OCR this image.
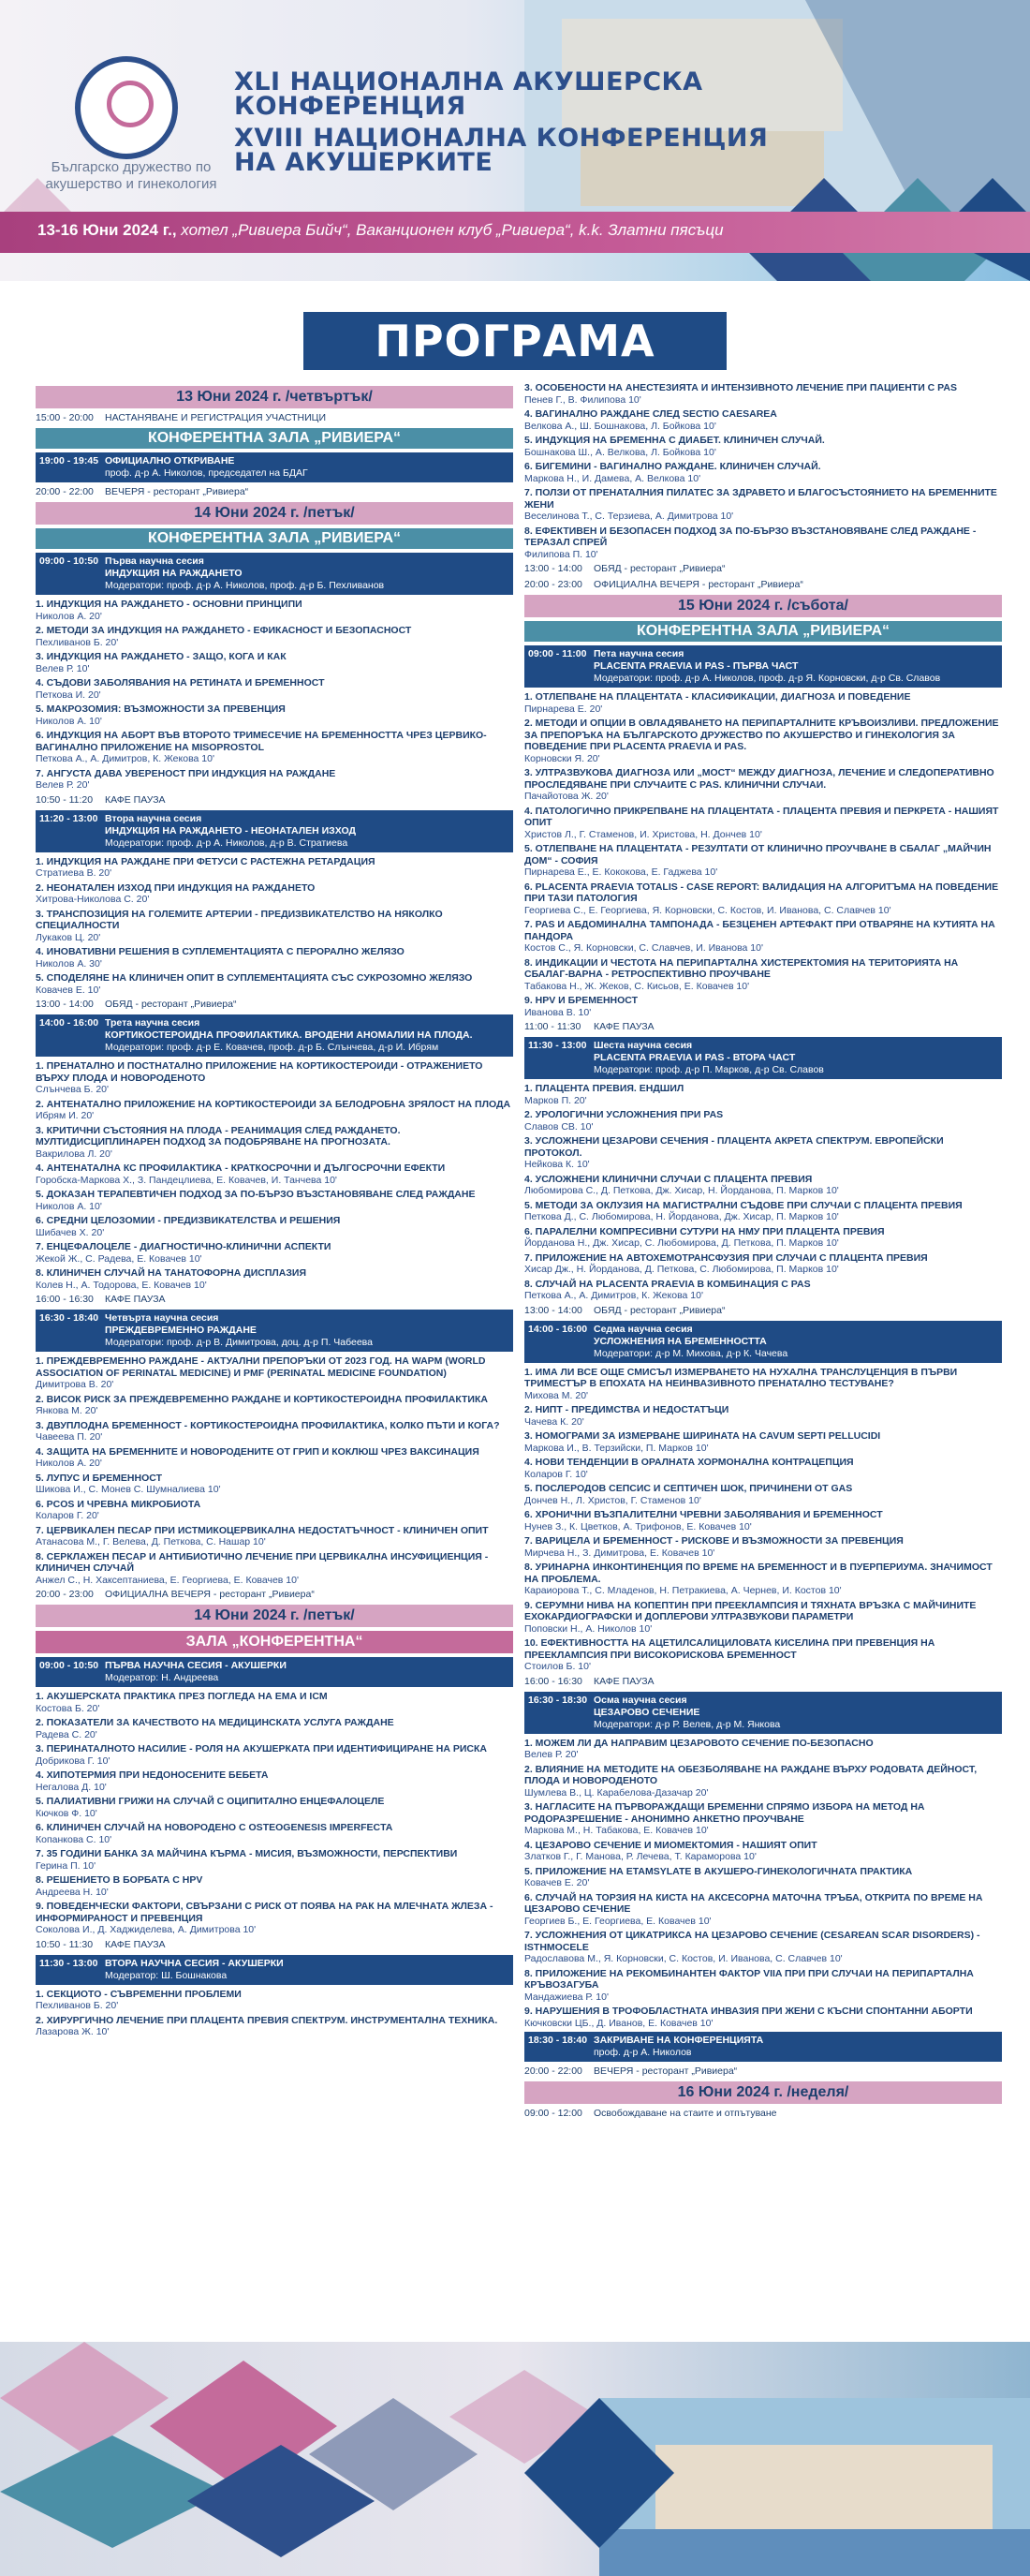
Българско дружество по акушерство и гинекология
XLI НАЦИОНАЛНА АКУШЕРСКА
КОНФЕРЕНЦИЯ
XVIII НАЦИОНАЛНА КОНФЕРЕНЦИЯ
НА АКУШЕРКИТЕ
13-16 Юни 2024 г., хотел „Ривиера Бийч“, Ваканционен клуб „Ривиера“, k.k. Златни пясъци
ПРОГРАМА
13 Юни 2024 г. /четвъртък/
15:00 - 20:00	НАСТАНЯВАНЕ И РЕГИСТРАЦИЯ УЧАСТНИЦИ
КОНФЕРЕНТНА ЗАЛА „РИВИЕРА“
19:00 - 19:45 ОФИЦИАЛНО ОТКРИВАНЕ
проф. д-р А. Николов, председател на БДАГ
20:00 - 22:00	ВЕЧЕРЯ - ресторант „Ривиера“
14 Юни 2024 г. /петък/
КОНФЕРЕНТНА ЗАЛА „РИВИЕРА“
09:00 - 10:50 Първа научна сесия
ИНДУКЦИЯ НА РАЖДАНЕТО
Модератори: проф. д-р А. Николов, проф. д-р Б. Пехливанов
1. ИНДУКЦИЯ НА РАЖДАНЕТО - ОСНОВНИ ПРИНЦИПИ
Николов А. 20'
2. МЕТОДИ ЗА ИНДУКЦИЯ НА РАЖДАНЕТО - ЕФИКАСНОСТ И БЕЗОПАСНОСТ
Пехливанов Б. 20'
3. ИНДУКЦИЯ НА РАЖДАНЕТО - ЗАЩО, КОГА И КАК
Велев Р. 10'
4. СЪДОВИ ЗАБОЛЯВАНИЯ НА РЕТИНАТА И БРЕМЕННОСТ
Петкова И. 20'
5. МАКРОЗОМИЯ: ВЪЗМОЖНОСТИ ЗА ПРЕВЕНЦИЯ
Николов А. 10'
6. ИНДУКЦИЯ НА АБОРТ ВЪВ ВТОРОТО ТРИМЕСЕЧИЕ НА БРЕМЕННОСТТА ЧРЕЗ ЦЕРВИКО-ВАГИНАЛНО ПРИЛОЖЕНИЕ НА MISOPROSTOL
Петкова А., А. Димитров, К. Жекова 10'
7. АНГУСТА ДАВА УВЕРЕНОСТ ПРИ ИНДУКЦИЯ НА РАЖДАНЕ
Велев Р. 20'
10:50 - 11:20	КАФЕ ПАУЗА
11:20 - 13:00 Втора научна сесия
ИНДУКЦИЯ НА РАЖДАНЕТО - НЕОНАТАЛЕН ИЗХОД
Модератори: проф. д-р А. Николов, д-р В. Стратиева
1. ИНДУКЦИЯ НА РАЖДАНЕ ПРИ ФЕТУСИ С РАСТЕЖНА РЕТАРДАЦИЯ
Стратиева В. 20'
2. НЕОНАТАЛЕН ИЗХОД ПРИ ИНДУКЦИЯ НА РАЖДАНЕТО
Хитрова-Николова С. 20'
3. ТРАНСПОЗИЦИЯ НА ГОЛЕМИТЕ АРТЕРИИ - ПРЕДИЗВИКАТЕЛСТВО НА НЯКОЛКО СПЕЦИАЛНОСТИ
Лукаков Ц. 20'
4. ИНОВАТИВНИ РЕШЕНИЯ В СУПЛЕМЕНТАЦИЯТА С ПЕРОРАЛНО ЖЕЛЯЗО
Николов А. 30'
5. СПОДЕЛЯНЕ НА КЛИНИЧЕН ОПИТ В СУПЛЕМЕНТАЦИЯТА СЪС СУКРОЗОМНО ЖЕЛЯЗО
Ковачев Е. 10'
13:00 - 14:00	ОБЯД - ресторант „Ривиера“
14:00 - 16:00 Трета научна сесия
КОРТИКОСТЕРОИДНА ПРОФИЛАКТИКА. ВРОДЕНИ АНОМАЛИИ НА ПЛОДА.
Модератори: проф. д-р Е. Ковачев, проф. д-р Б. Слънчева, д-р И. Ибрям
1. ПРЕНАТАЛНО И ПОСТНАТАЛНО ПРИЛОЖЕНИЕ НА КОРТИКОСТЕРОИДИ - ОТРАЖЕНИЕТО ВЪРХУ ПЛОДА И НОВОРОДЕНОТО
Слънчева Б. 20'
2. АНТЕНАТАЛНО ПРИЛОЖЕНИЕ НА КОРТИКОСТЕРОИДИ ЗА БЕЛОДРОБНА ЗРЯЛОСТ НА ПЛОДА
Ибрям И. 20'
3. КРИТИЧНИ СЪСТОЯНИЯ НА ПЛОДА - РЕАНИМАЦИЯ СЛЕД РАЖДАНЕТО. МУЛТИДИСЦИПЛИНАРЕН ПОДХОД ЗА ПОДОБРЯВАНЕ НА ПРОГНОЗАТА.
Вакрилова Л. 20'
4. АНТЕНАТАЛНА КС ПРОФИЛАКТИКА - КРАТКОСРОЧНИ И ДЪЛГОСРОЧНИ ЕФЕКТИ
Горобска-Маркова Х., З. Пандецлиева, Е. Ковачев, И. Танчева 10'
5. ДОКАЗАН ТЕРАПЕВТИЧЕН ПОДХОД ЗА ПО-БЪРЗО ВЪЗСТАНОВЯВАНЕ СЛЕД РАЖДАНЕ
Николов А. 10'
6. СРЕДНИ ЦЕЛОЗОМИИ - ПРЕДИЗВИКАТЕЛСТВА И РЕШЕНИЯ
Шибачев Х. 20'
7. ЕНЦЕФАЛОЦЕЛЕ - ДИАГНОСТИЧНО-КЛИНИЧНИ АСПЕКТИ
Жекой Ж., С. Радева, Е. Ковачев 10'
8. КЛИНИЧЕН СЛУЧАЙ НА ТАНАТОФОРНА ДИСПЛАЗИЯ
Колев Н., А. Тодорова, Е. Ковачев 10'
16:00 - 16:30	КАФЕ ПАУЗА
16:30 - 18:40 Четвърта научна сесия
ПРЕЖДЕВРЕМЕННО РАЖДАНЕ
Модератори: проф. д-р В. Димитрова, доц. д-р П. Чабеева
1. ПРЕЖДЕВРЕМЕННО РАЖДАНЕ - АКТУАЛНИ ПРЕПОРЪКИ ОТ 2023 ГОД. НА WAPM (WORLD ASSOCIATION OF PERINATAL MEDICINE) И PMF (PERINATAL MEDICINE FOUNDATION)
Димитрова В. 20'
2. ВИСОК РИСК ЗА ПРЕЖДЕВРЕМЕННО РАЖДАНЕ И КОРТИКОСТЕРОИДНА ПРОФИЛАКТИКА
Янкова М. 20'
3. ДВУПЛОДНА БРЕМЕННОСТ - КОРТИКОСТЕРОИДНА ПРОФИЛАКТИКА, КОЛКО ПЪТИ И КОГА?
Чавеева П. 20'
4. ЗАЩИТА НА БРЕМЕННИТЕ И НОВОРОДЕНИТЕ ОТ ГРИП И КОКЛЮШ ЧРЕЗ ВАКСИНАЦИЯ
Николов А. 20'
5. ЛУПУС И БРЕМЕННОСТ
Шикова И., С. Монев С. Шумналиева 10'
6. PCOS И ЧРЕВНА МИКРОБИОТА
Коларов Г. 20'
7. ЦЕРВИКАЛЕН ПЕСАР ПРИ ИСТМИКОЦЕРВИКАЛНА НЕДОСТАТЪЧНОСТ - КЛИНИЧЕН ОПИТ
Атанасова М., Г. Велева, Д. Петкова, С. Нашар 10'
8. СЕРКЛАЖЕН ПЕСАР И АНТИБИОТИЧНО ЛЕЧЕНИЕ ПРИ ЦЕРВИКАЛНА ИНСУФИЦИЕНЦИЯ - КЛИНИЧЕН СЛУЧАЙ
Анжел С., Н. Хаксептаниева, Е. Георгиева, Е. Ковачев 10'
20:00 - 23:00	ОФИЦИАЛНА ВЕЧЕРЯ - ресторант „Ривиера“
14 Юни 2024 г. /петък/
ЗАЛА „КОНФЕРЕНТНА“
09:00 - 10:50 ПЪРВА НАУЧНА СЕСИЯ - АКУШЕРКИ
Модератор: Н. Андреева
1. АКУШЕРСКАТА ПРАКТИКА ПРЕЗ ПОГЛЕДА НА ЕМА И ICM
Костова Б. 20'
2. ПОКАЗАТЕЛИ ЗА КАЧЕСТВОТО НА МЕДИЦИНСКАТА УСЛУГА РАЖДАНЕ
Радева С. 20'
3. ПЕРИНАТАЛНОТО НАСИЛИЕ - РОЛЯ НА АКУШЕРКАТА ПРИ ИДЕНТИФИЦИРАНЕ НА РИСКА
Добрикова Г. 10'
4. ХИПОТЕРМИЯ ПРИ НЕДОНОСЕНИТЕ БЕБЕТА
Негалова Д. 10'
5. ПАЛИАТИВНИ ГРИЖИ НА СЛУЧАЙ С ОЦИПИТАЛНО ЕНЦЕФАЛОЦЕЛЕ
Кючков Ф. 10'
6. КЛИНИЧЕН СЛУЧАЙ НА НОВОРОДЕНО С OSTEOGENESIS IMPERFECTA
Копанкова С. 10'
7. 35 ГОДИНИ БАНКА ЗА МАЙЧИНА КЪРМА - МИСИЯ, ВЪЗМОЖНОСТИ, ПЕРСПЕКТИВИ
Герина П. 10'
8. РЕШЕНИЕТО В БОРБАТА С HPV
Андреева Н. 10'
9. ПОВЕДЕНЧЕСКИ ФАКТОРИ, СВЪРЗАНИ С РИСК ОТ ПОЯВА НА РАК НА МЛЕЧНАТА ЖЛЕЗА - ИНФОРМИРАНОСТ И ПРЕВЕНЦИЯ
Соколова И., Д. Хаджиделева, А. Димитрова 10'
10:50 - 11:30	КАФЕ ПАУЗА
11:30 - 13:00 ВТОРА НАУЧНА СЕСИЯ - АКУШЕРКИ
Модератор: Ш. Бошнакова
1. СЕКЦИОТО - СЪВРЕМЕННИ ПРОБЛЕМИ
Пехливанов Б. 20'
2. ХИРУРГИЧНО ЛЕЧЕНИЕ ПРИ ПЛАЦЕНТА ПРЕВИЯ СПЕКТРУМ. ИНСТРУМЕНТАЛНА ТЕХНИКА.
Лазарова Ж. 10'
3. ОСОБЕНОСТИ НА АНЕСТЕЗИЯТА И ИНТЕНЗИВНОТО ЛЕЧЕНИЕ ПРИ ПАЦИЕНТИ С PAS
Пенев Г., В. Филипова 10'
4. ВАГИНАЛНО РАЖДАНЕ СЛЕД SECTIO CAESAREA
Велкова А., Ш. Бошнакова, Л. Бойкова 10'
5. ИНДУКЦИЯ НА БРЕМЕННА С ДИАБЕТ. КЛИНИЧЕН СЛУЧАЙ.
Бошнакова Ш., А. Велкова, Л. Бойкова 10'
6. БИГЕМИНИ - ВАГИНАЛНО РАЖДАНЕ. КЛИНИЧЕН СЛУЧАЙ.
Маркова Н., И. Дамева, А. Велкова 10'
7. ПОЛЗИ ОТ ПРЕНАТАЛНИЯ ПИЛАТЕС ЗА ЗДРАВЕТО И БЛАГОСЪСТОЯНИЕТО НА БРЕМЕННИТЕ ЖЕНИ
Веселинова Т., С. Терзиева, А. Димитрова 10'
8. ЕФЕКТИВЕН И БЕЗОПАСЕН ПОДХОД ЗА ПО-БЪРЗО ВЪЗСТАНОВЯВАНЕ СЛЕД РАЖДАНЕ - ТЕРАЗАЛ СПРЕЙ
Филипова П. 10'
13:00 - 14:00	ОБЯД - ресторант „Ривиера“
20:00 - 23:00	ОФИЦИАЛНА ВЕЧЕРЯ - ресторант „Ривиера“
15 Юни 2024 г. /събота/
КОНФЕРЕНТНА ЗАЛА „РИВИЕРА“
09:00 - 11:00 Пета научна сесия
PLACENTA PRAEVIA И PAS - ПЪРВА ЧАСТ
Модератори: проф. д-р А. Николов, проф. д-р Я. Корновски, д-р Св. Славов
1. ОТЛЕПВАНЕ НА ПЛАЦЕНТАТА - КЛАСИФИКАЦИИ, ДИАГНОЗА И ПОВЕДЕНИЕ
Пирнарева Е. 20'
2. МЕТОДИ И ОПЦИИ В ОВЛАДЯВАНЕТО НА ПЕРИПАРТАЛНИТЕ КРЪВОИЗЛИВИ. ПРЕДЛОЖЕНИЕ ЗА ПРЕПОРЪКА НА БЪЛГАРСКОТО ДРУЖЕСТВО ПО АКУШЕРСТВО И ГИНЕКОЛОГИЯ ЗА ПОВЕДЕНИЕ ПРИ PLACENTA PRAEVIA И PAS.
Корновски Я. 20'
3. УЛТРАЗВУКОВА ДИАГНОЗА ИЛИ „МОСТ“ МЕЖДУ ДИАГНОЗА, ЛЕЧЕНИЕ И СЛЕДОПЕРАТИВНО ПРОСЛЕДЯВАНЕ ПРИ СЛУЧАИТЕ С PAS. КЛИНИЧНИ СЛУЧАИ.
Пачайотова Ж. 20'
4. ПАТОЛОГИЧНО ПРИКРЕПВАНЕ НА ПЛАЦЕНТАТА - ПЛАЦЕНТА ПРЕВИЯ И ПЕРКРЕТА - НАШИЯТ ОПИТ
Христов Л., Г. Стаменов, И. Христова, Н. Дончев 10'
5. ОТЛЕПВАНЕ НА ПЛАЦЕНТАТА - РЕЗУЛТАТИ ОТ КЛИНИЧНО ПРОУЧВАНЕ В СБАЛАГ „МАЙЧИН ДОМ“ - СОФИЯ
Пирнарева Е., Е. Кококова, Е. Гаджева 10'
6. PLACENTA PRAEVIA TOTALIS - CASE REPORT: ВАЛИДАЦИЯ НА АЛГОРИТЪМА НА ПОВЕДЕНИЕ ПРИ ТАЗИ ПАТОЛОГИЯ
Георгиева С., Е. Георгиева, Я. Корновски, С. Костов, И. Иванова, С. Славчев 10'
7. PAS И АБДОМИНАЛНА ТАМПОНАДА - БЕЗЦЕНЕН АРТЕФАКТ ПРИ ОТВАРЯНЕ НА КУТИЯТА НА ПАНДОРА
Костов С., Я. Корновски, С. Славчев, И. Иванова 10'
8. ИНДИКАЦИИ И ЧЕСТОТА НА ПЕРИПАРТАЛНА ХИСТЕРЕКТОМИЯ НА ТЕРИТОРИЯТА НА СБАЛАГ-ВАРНА - РЕТРОСПЕКТИВНО ПРОУЧВАНЕ
Табакова Н., Ж. Жеков, С. Кисьов, Е. Ковачев 10'
9. HPV И БРЕМЕННОСТ
Иванова В. 10'
11:00 - 11:30	КАФЕ ПАУЗА
11:30 - 13:00 Шеста научна сесия
PLACENTA PRAEVIA И PAS - ВТОРА ЧАСТ
Модератори: проф. д-р П. Марков, д-р Св. Славов
1. ПЛАЦЕНТА ПРЕВИЯ. ЕНДШИЛ
Марков П. 20'
2. УРОЛОГИЧНИ УСЛОЖНЕНИЯ ПРИ PAS
Славов СВ. 10'
3. УСЛОЖНЕНИ ЦЕЗАРОВИ СЕЧЕНИЯ - ПЛАЦЕНТА АКРЕТА СПЕКТРУМ. ЕВРОПЕЙСКИ ПРОТОКОЛ.
Нейкова К. 10'
4. УСЛОЖНЕНИ КЛИНИЧНИ СЛУЧАИ С ПЛАЦЕНТА ПРЕВИЯ
Любомирова С., Д. Петкова, Дж. Хисар, Н. Йорданова, П. Марков 10'
5. МЕТОДИ ЗА ОКЛУЗИЯ НА МАГИСТРАЛНИ СЪДОВЕ ПРИ СЛУЧАИ С ПЛАЦЕНТА ПРЕВИЯ
Петкова Д., С. Любомирова, Н. Йорданова, Дж. Хисар, П. Марков 10'
6. ПАРАЛЕЛНИ КОМПРЕСИВНИ СУТУРИ НА НМУ ПРИ ПЛАЦЕНТА ПРЕВИЯ
Йорданова Н., Дж. Хисар, С. Любомирова, Д. Петкова, П. Марков 10'
7. ПРИЛОЖЕНИЕ НА АВТОХЕМОТРАНСФУЗИЯ ПРИ СЛУЧАИ С ПЛАЦЕНТА ПРЕВИЯ
Хисар Дж., Н. Йорданова, Д. Петкова, С. Любомирова, П. Марков 10'
8. СЛУЧАЙ НА PLACENTA PRAEVIA В КОМБИНАЦИЯ С PAS
Петкова А., А. Димитров, К. Жекова 10'
13:00 - 14:00	ОБЯД - ресторант „Ривиера“
14:00 - 16:00 Седма научна сесия
УСЛОЖНЕНИЯ НА БРЕМЕННОСТТА
Модератори: д-р М. Михова, д-р К. Чачева
1. ИМА ЛИ ВСЕ ОЩЕ СМИСЪЛ ИЗМЕРВАНЕТО НА НУХАЛНА ТРАНСЛУЦЕНЦИЯ В ПЪРВИ ТРИМЕСТЪР В ЕПОХАТА НА НЕИНВАЗИВНОТО ПРЕНАТАЛНО ТЕСТУВАНЕ?
Михова М. 20'
2. НИПТ - ПРЕДИМСТВА И НЕДОСТАТЪЦИ
Чачева К. 20'
3. НОМОГРАМИ ЗА ИЗМЕРВАНЕ ШИРИНАТА НА CAVUM SEPTI PELLUCIDI
Маркова И., В. Терзийски, П. Марков 10'
4. НОВИ ТЕНДЕНЦИИ В ОРАЛНАТА ХОРМОНАЛНА КОНТРАЦЕПЦИЯ
Коларов Г. 10'
5. ПОСЛЕРОДОВ СЕПСИС И СЕПТИЧЕН ШОК, ПРИЧИНЕНИ ОТ GAS
Дончев Н., Л. Христов, Г. Стаменов 10'
6. ХРОНИЧНИ ВЪЗПАЛИТЕЛНИ ЧРЕВНИ ЗАБОЛЯВАНИЯ И БРЕМЕННОСТ
Нунев З., К. Цветков, А. Трифонов, Е. Ковачев 10'
7. ВАРИЦЕЛА И БРЕМЕННОСТ - РИСКОВЕ И ВЪЗМОЖНОСТИ ЗА ПРЕВЕНЦИЯ
Мирчева Н., З. Димитрова, Е. Ковачев 10'
8. УРИНАРНА ИНКОНТИНЕНЦИЯ ПО ВРЕМЕ НА БРЕМЕННОСТ И В ПУЕРПЕРИУМА. ЗНАЧИМОСТ НА ПРОБЛЕМА.
Караиорова Т., С. Младенов, Н. Петракиева, А. Чернев, И. Костов 10'
9. СЕРУМНИ НИВА НА КОПЕПТИН ПРИ ПРЕЕКЛАМПСИЯ И ТЯХНАТА ВРЪЗКА С МАЙЧИНИТЕ ЕХОКАРДИОГРАФСКИ И ДОПЛЕРОВИ УЛТРАЗВУКОВИ ПАРАМЕТРИ
Поповски Н., А. Николов 10'
10. ЕФЕКТИВНОСТТА НА АЦЕТИЛСАЛИЦИЛОВАТА КИСЕЛИНА ПРИ ПРЕВЕНЦИЯ НА ПРЕЕКЛАМПСИЯ ПРИ ВИСОКОРИСКОВА БРЕМЕННОСТ
Стоилов Б. 10'
16:00 - 16:30	КАФЕ ПАУЗА
16:30 - 18:30 Осма научна сесия
ЦЕЗАРОВО СЕЧЕНИЕ
Модератори: д-р Р. Велев, д-р М. Янкова
1. МОЖЕМ ЛИ ДА НАПРАВИМ ЦЕЗАРОВОТО СЕЧЕНИЕ ПО-БЕЗОПАСНО
Велев Р. 20'
2. ВЛИЯНИЕ НА МЕТОДИТЕ НА ОБЕЗБОЛЯВАНЕ НА РАЖДАНЕ ВЪРХУ РОДОВАТА ДЕЙНОСТ, ПЛОДА И НОВОРОДЕНОТО
Шумлева В., Ц. Карабелова-Дазачар 20'
3. НАГЛАСИТЕ НА ПЪРВОРАЖДАЩИ БРЕМЕННИ СПРЯМО ИЗБОРА НА МЕТОД НА РОДОРАЗРЕШЕНИЕ - АНОНИМНО АНКЕТНО ПРОУЧВАНЕ
Маркова М., Н. Табакова, Е. Ковачев 10'
4. ЦЕЗАРОВО СЕЧЕНИЕ И МИОМЕКТОМИЯ - НАШИЯТ ОПИТ
Златков Г., Г. Манова, Р. Лечева, Т. Караморова 10'
5. ПРИЛОЖЕНИЕ НА ETAMSYLATE В АКУШЕРО-ГИНЕКОЛОГИЧНАТА ПРАКТИКА
Ковачев Е. 20'
6. СЛУЧАЙ НА ТОРЗИЯ НА КИСТА НА АКСЕСОРНА МАТОЧНА ТРЪБА, ОТКРИТА ПО ВРЕМЕ НА ЦЕЗАРОВО СЕЧЕНИЕ
Георгиев Б., Е. Георгиева, Е. Ковачев 10'
7. УСЛОЖНЕНИЯ ОТ ЦИКАТРИКСА НА ЦЕЗАРОВО СЕЧЕНИЕ (CESAREAN SCAR DISORDERS) - ISTHMOCELE
Радославова М., Я. Корновски, С. Костов, И. Иванова, С. Славчев 10'
8. ПРИЛОЖЕНИЕ НА РЕКОМБИНАНТЕН ФАКТОР VIIA ПРИ ПРИ СЛУЧАИ НА ПЕРИПАРТАЛНА КРЪВОЗАГУБА
Мандажиева Р. 10'
9. НАРУШЕНИЯ В ТРОФОБЛАСТНАТА ИНВАЗИЯ ПРИ ЖЕНИ С КЪСНИ СПОНТАННИ АБОРТИ
Кючковски ЦБ., Д. Иванов, Е. Ковачев 10'
18:30 - 18:40 ЗАКРИВАНЕ НА КОНФЕРЕНЦИЯТА
проф. д-р А. Николов
20:00 - 22:00	ВЕЧЕРЯ - ресторант „Ривиера“
16 Юни 2024 г. /неделя/
09:00 - 12:00	Освобождаване на стаите и отпътуване
